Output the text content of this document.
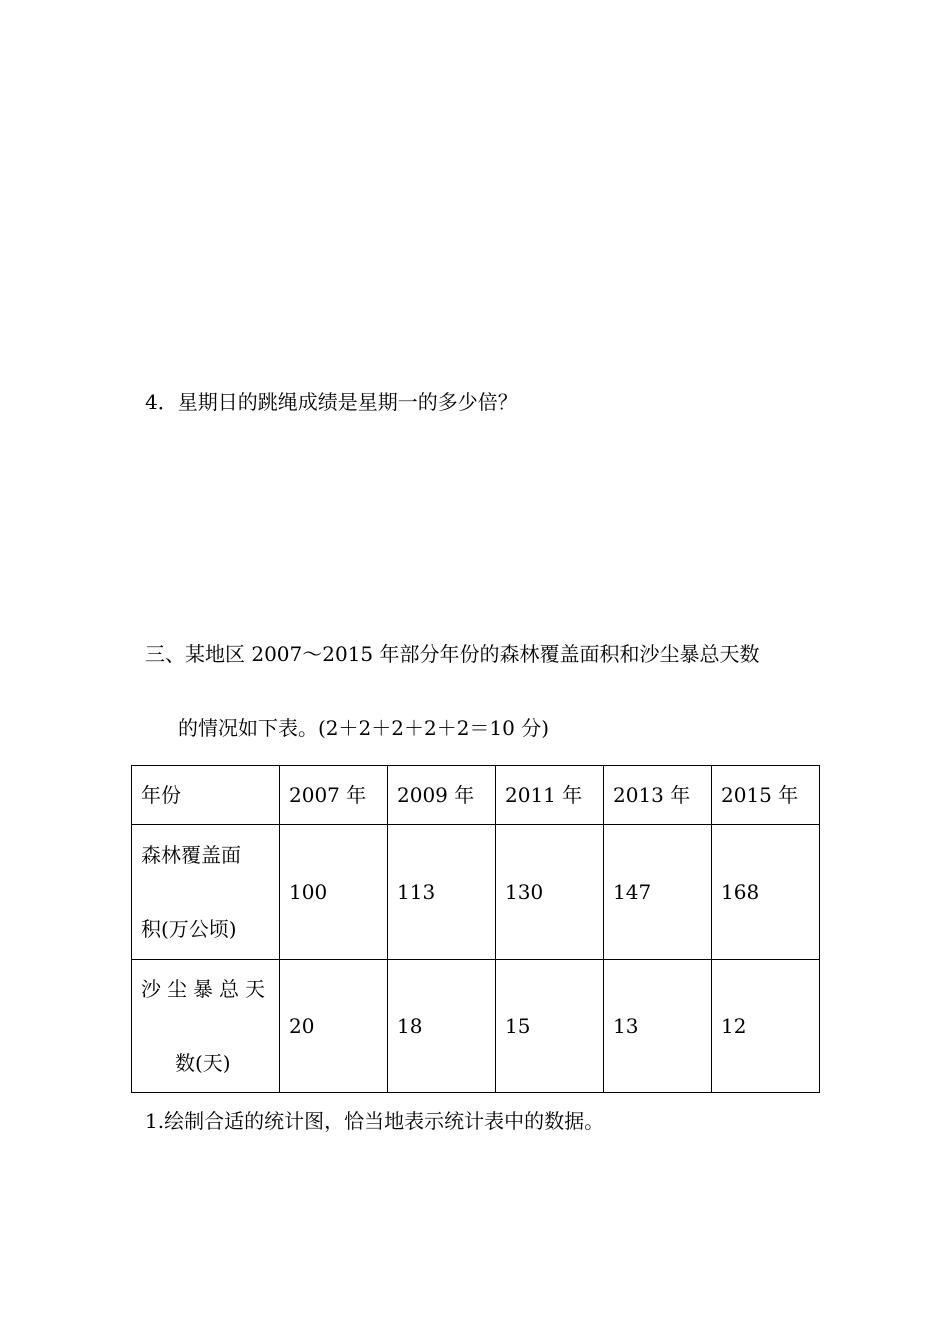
4．星期日的跳绳成绩是星期一的多少倍？
三、某地区 2007～2015 年部分年份的森林覆盖面积和沙尘暴总天数
的情况如下表。(2＋2＋2＋2＋2＝10 分)
年份	2007 年	2009 年	2011 年	2013 年	2015 年

森林覆盖面
积(万公顷)	100	113	130	147	168

沙尘暴总天
数(天)	20	18	15	13	12
1.绘制合适的统计图，恰当地表示统计表中的数据。
